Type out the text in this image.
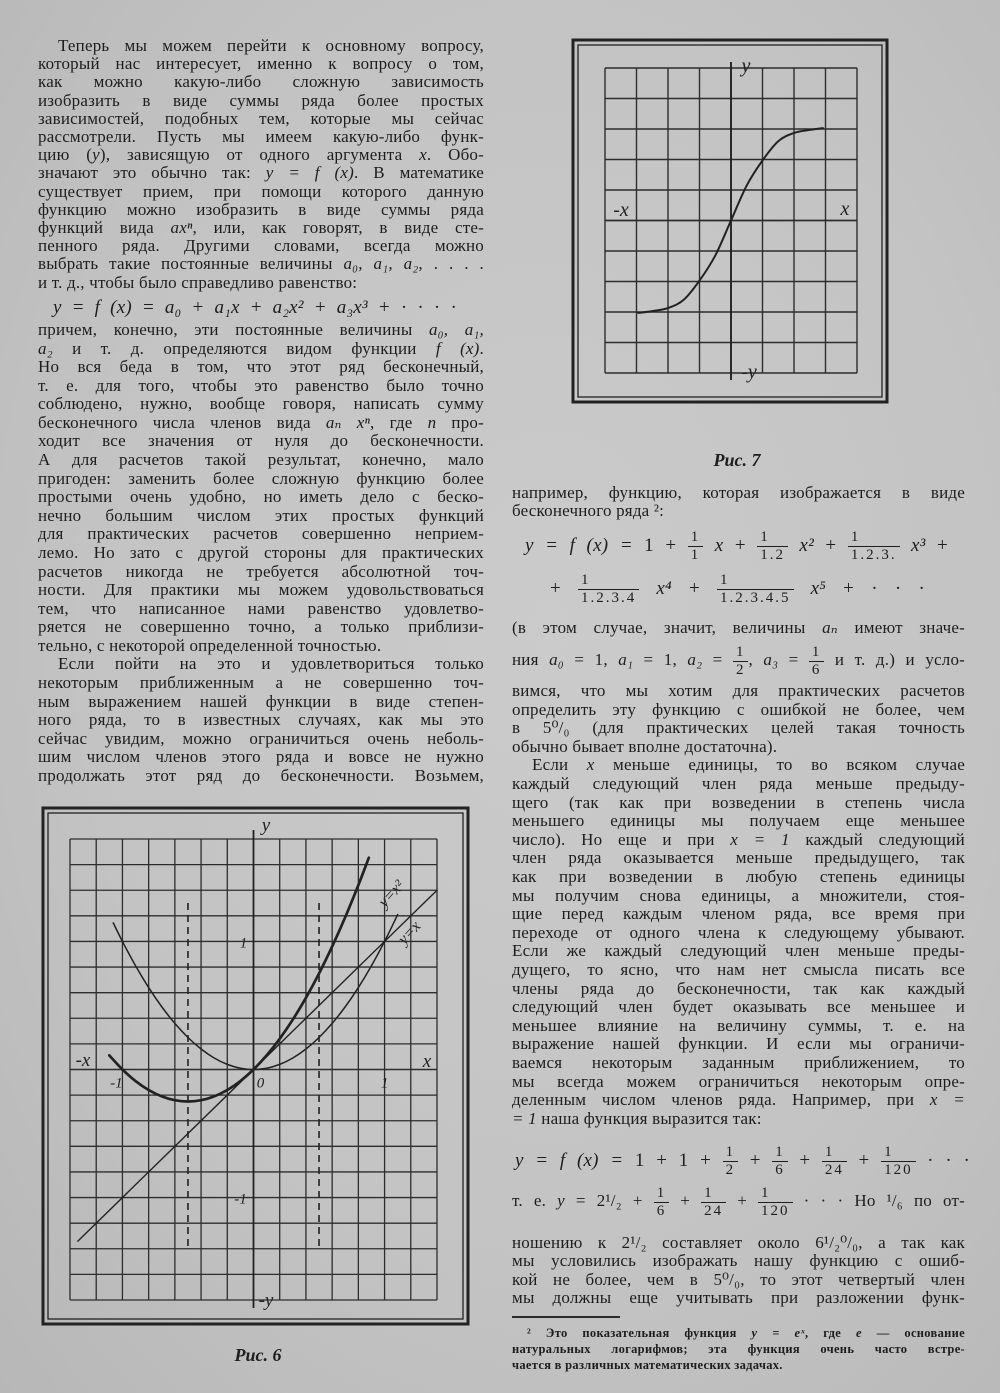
-x	x
y
-y
-x	x
y
-y
-1	0	1
1
-1
y=x
y=x²
Рис. 7
Рис. 6
Теперь мы можем перейти к основному вопросу,
который нас интересует, именно к вопросу о том,
как можно какую-либо сложную зависимость
изобразить в виде суммы ряда более простых
зависимостей, подобных тем, которые мы сейчас
рассмотрели. Пусть мы имеем какую-либо функ-
цию (y), зависящую от одного аргумента x. Обо-
значают это обычно так: y = f (x). В математике
существует прием, при помощи которого данную
функцию можно изобразить в виде суммы ряда
функций вида axⁿ, или, как говорят, в виде сте-
пенного ряда. Другими словами, всегда можно
выбрать такие постоянные величины a₀, a₁, a₂, . . . .
и т. д., чтобы было справедливо равенство:
y = f (x) = a₀ + a₁x + a₂x² + a₃x³ + · · · ·
причем, конечно, эти постоянные величины a₀, a₁,
a₂ и т. д. определяются видом функции f (x).
Но вся беда в том, что этот ряд бесконечный,
т. е. для того, чтобы это равенство было точно
соблюдено, нужно, вообще говоря, написать сумму
бесконечного числа членов вида aₙ xⁿ, где n про-
ходит все значения от нуля до бесконечности.
А для расчетов такой результат, конечно, мало
пригоден: заменить более сложную функцию более
простыми очень удобно, но иметь дело с беско-
нечно большим числом этих простых функций
для практических расчетов совершенно неприем-
лемо. Но зато с другой стороны для практических
расчетов никогда не требуется абсолютной точ-
ности. Для практики мы можем удовольствоваться
тем, что написанное нами равенство удовлетво-
ряется не совершенно точно, а только приблизи-
тельно, с некоторой определенной точностью.
Если пойти на это и удовлетвориться только
некоторым приближенным а не совершенно точ-
ным выражением нашей функции в виде степен-
ного ряда, то в известных случаях, как мы это
сейчас увидим, можно ограничиться очень неболь-
шим числом членов этого ряда и вовсе не нужно
продолжать этот ряд до бесконечности. Возьмем,
например, функцию, которая изображается в виде
бесконечного ряда ²:
y = f $(x) = 1 + \frac{1}{1}$ $x + \frac{1}{1.2} x^2 + \frac{1}{1.2.3.} x^3$ +
+ $\frac{1}{1.2.3.4} x^4 + \frac{1}{1.2.3.4.5} x^5$ + · · ·
(в этом случае, значит, величины aₙ имеют значе-
ния a₀ = 1, a₁ = 1, $a_2 = \frac{1}{2}$ , $a_3 = \frac{1}{6}$ и т. д.) и усло-
вимся, что мы хотим для практических расчетов
определить эту функцию с ошибкой не более, чем
в 5⁰/₀ (для практических целей такая точность
обычно бывает вполне достаточна).
Если x меньше единицы, то во всяком случае
каждый следующий член ряда меньше предыду-
щего (так как при возведении в степень числа
меньшего единицы мы получаем еще меньшее
число). Но еще и при x = 1 каждый следующий
член ряда оказывается меньше предыдущего, так
как при возведении в любую степень единицы
мы получим снова единицы, а множители, стоя-
щие перед каждым членом ряда, все время при
переходе от одного члена к следующему убывают.
Если же каждый следующий член меньше преды-
дущего, то ясно, что нам нет смысла писать все
члены ряда до бесконечности, так как каждый
следующий член будет оказывать все меньшее и
меньшее влияние на величину суммы, т. е. на
выражение нашей функции. И если мы ограничи-
ваемся некоторым заданным приближением, то
мы всегда можем ограничиться некоторым опре-
деленным числом членов ряда. Например, при x =
= 1 наша функция выразится так:
y = f $(x) = 1 + 1 + \frac{1}{2} + \frac{1}{6} + \frac{1}{24} + \frac{1}{120}$ · · ·
т. е. $y = 2^1/_2 + \frac{1}{6} + \frac{1}{24} + \frac{1}{120}$ · · · Но ¹/₆ по от-
ношению к 2¹/₂ составляет около 6¹/₂⁰/₀, а так как
мы условились изображать нашу функцию с ошиб-
кой не более, чем в 5⁰/₀, то этот четвертый член
мы должны еще учитывать при разложении функ-
² Это показательная функция y = eˣ, где e — основание
натуральных логарифмов; эта функция очень часто встре-
чается в различных математических задачах.
